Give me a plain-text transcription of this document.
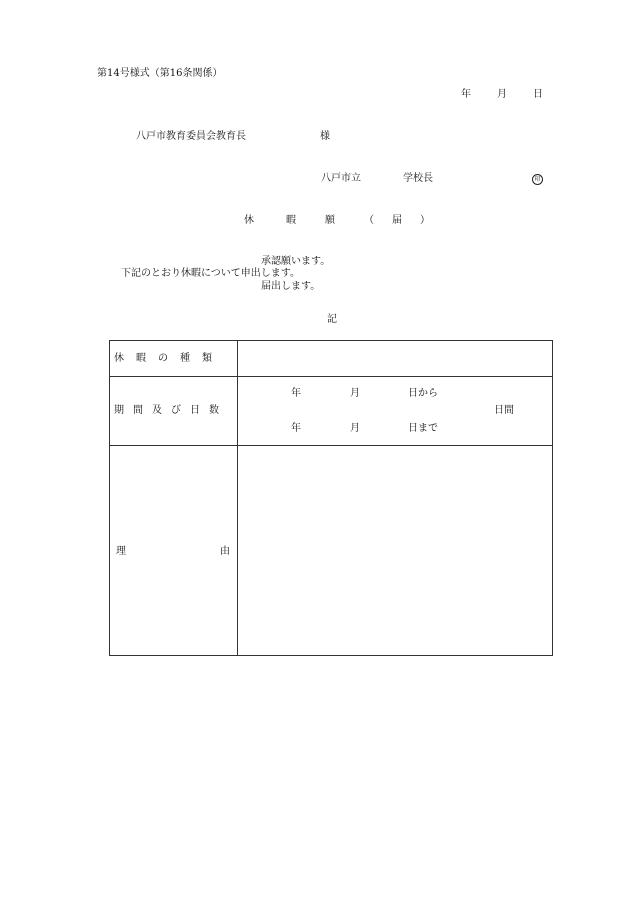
第14号様式（第16条関係）
年	月	日
八戸市教育委員会教育長	様
八戸市立	学校長	印
休	暇	願	（　届　）
承認願います。
下記のとおり休暇について申出します。
届出します。
記
休 暇 の 種 類
期 間 及 び 日 数
年	月	日から
日間
年	月	日まで
理	由
